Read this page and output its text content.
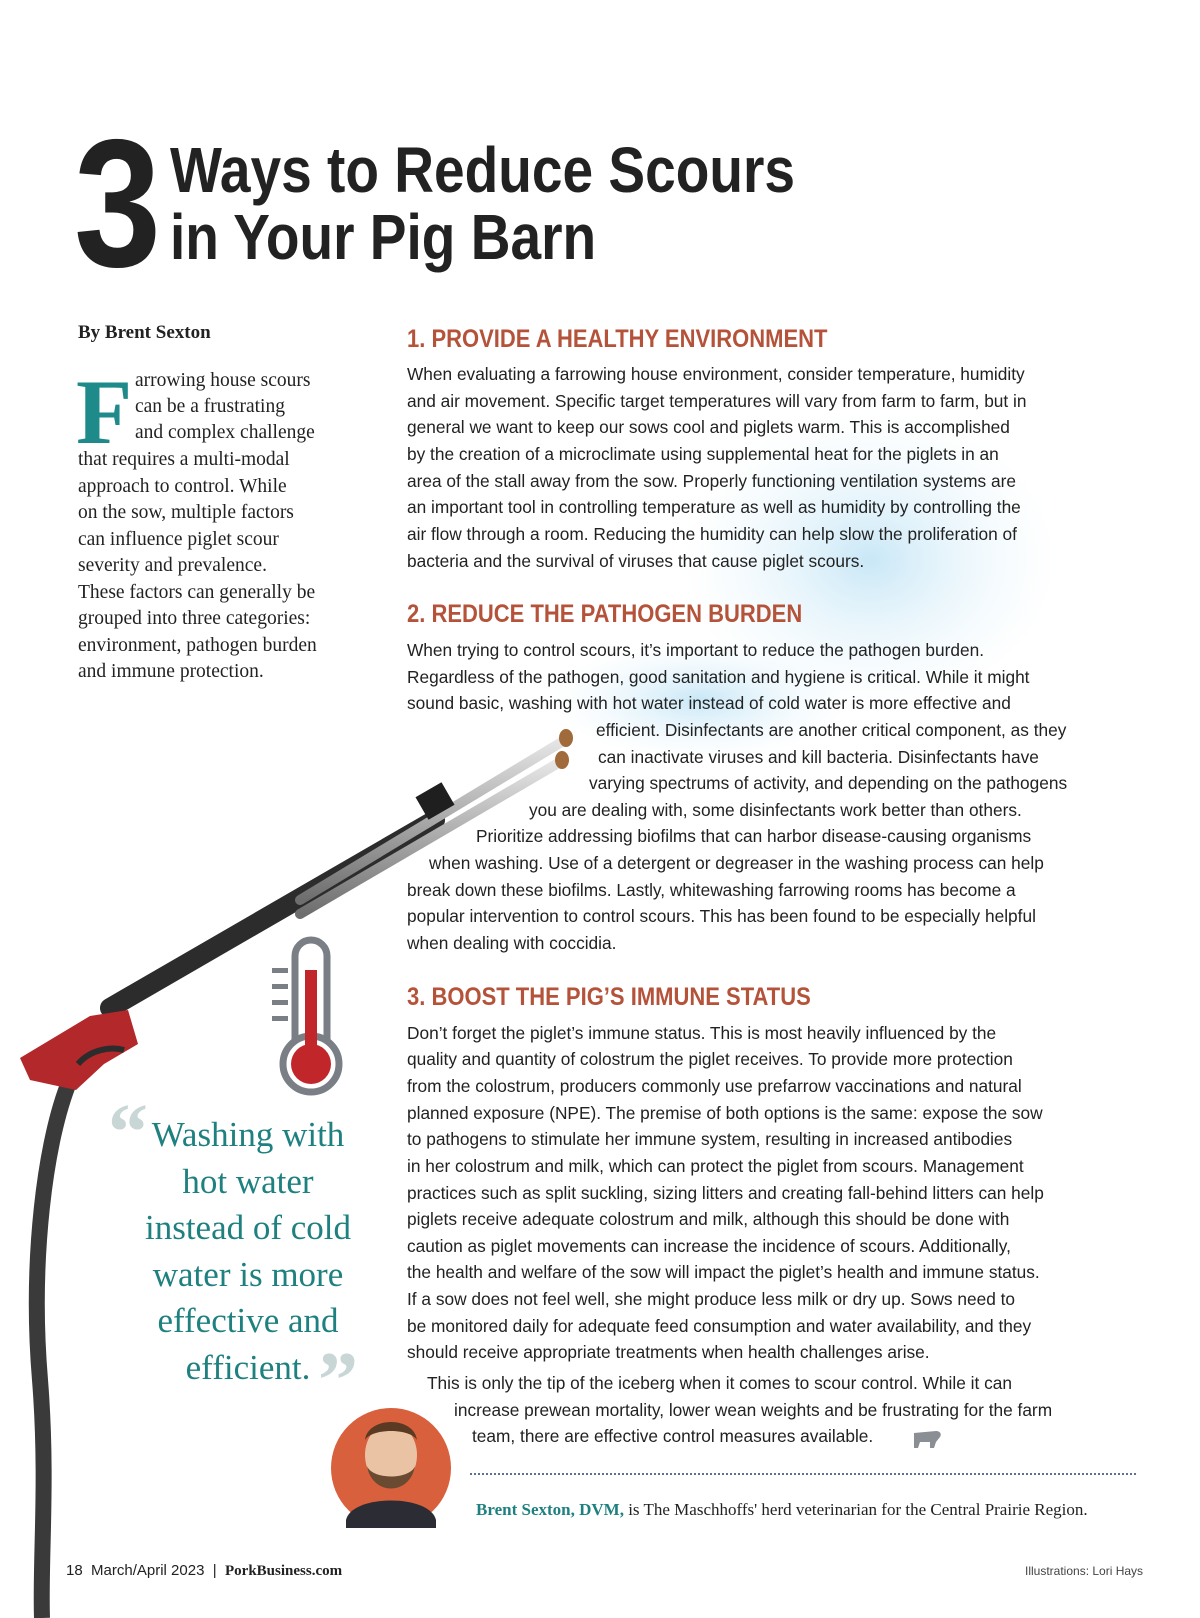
3 Ways to Reduce Scours
in Your Pig Barn
By Brent Sexton
F arrowing house scours
can be a frustrating
and complex challenge
that requires a multi-modal
approach to control. While
on the sow, multiple factors
can influence piglet scour
severity and prevalence.
These factors can generally be
grouped into three categories:
environment, pathogen burden
and immune protection.
“ Washing with
hot water
instead of cold
water is more
effective and
efficient. ”
1. PROVIDE A HEALTHY ENVIRONMENT
When evaluating a farrowing house environment, consider temperature, humidity
and air movement. Specific target temperatures will vary from farm to farm, but in
general we want to keep our sows cool and piglets warm. This is accomplished
by the creation of a microclimate using supplemental heat for the piglets in an
area of the stall away from the sow. Properly functioning ventilation systems are
an important tool in controlling temperature as well as humidity by controlling the
air flow through a room. Reducing the humidity can help slow the proliferation of
bacteria and the survival of viruses that cause piglet scours.
2. REDUCE THE PATHOGEN BURDEN
When trying to control scours, it’s important to reduce the pathogen burden.
Regardless of the pathogen, good sanitation and hygiene is critical. While it might
sound basic, washing with hot water instead of cold water is more effective and
efficient. Disinfectants are another critical component, as they
can inactivate viruses and kill bacteria. Disinfectants have
varying spectrums of activity, and depending on the pathogens
you are dealing with, some disinfectants work better than others.
Prioritize addressing biofilms that can harbor disease-causing organisms
when washing. Use of a detergent or degreaser in the washing process can help
break down these biofilms. Lastly, whitewashing farrowing rooms has become a
popular intervention to control scours. This has been found to be especially helpful
when dealing with coccidia.
3. BOOST THE PIG’S IMMUNE STATUS
Don’t forget the piglet’s immune status. This is most heavily influenced by the
quality and quantity of colostrum the piglet receives. To provide more protection
from the colostrum, producers commonly use prefarrow vaccinations and natural
planned exposure (NPE). The premise of both options is the same: expose the sow
to pathogens to stimulate her immune system, resulting in increased antibodies
in her colostrum and milk, which can protect the piglet from scours. Management
practices such as split suckling, sizing litters and creating fall-behind litters can help
piglets receive adequate colostrum and milk, although this should be done with
caution as piglet movements can increase the incidence of scours. Additionally,
the health and welfare of the sow will impact the piglet’s health and immune status.
If a sow does not feel well, she might produce less milk or dry up. Sows need to
be monitored daily for adequate feed consumption and water availability, and they
should receive appropriate treatments when health challenges arise.
This is only the tip of the iceberg when it comes to scour control. While it can
increase prewean mortality, lower wean weights and be frustrating for the farm
team, there are effective control measures available.
Brent Sexton, DVM, is The Maschhoffs' herd veterinarian for the Central Prairie Region.
18  March/April 2023 | PorkBusiness.com	Illustrations: Lori Hays
